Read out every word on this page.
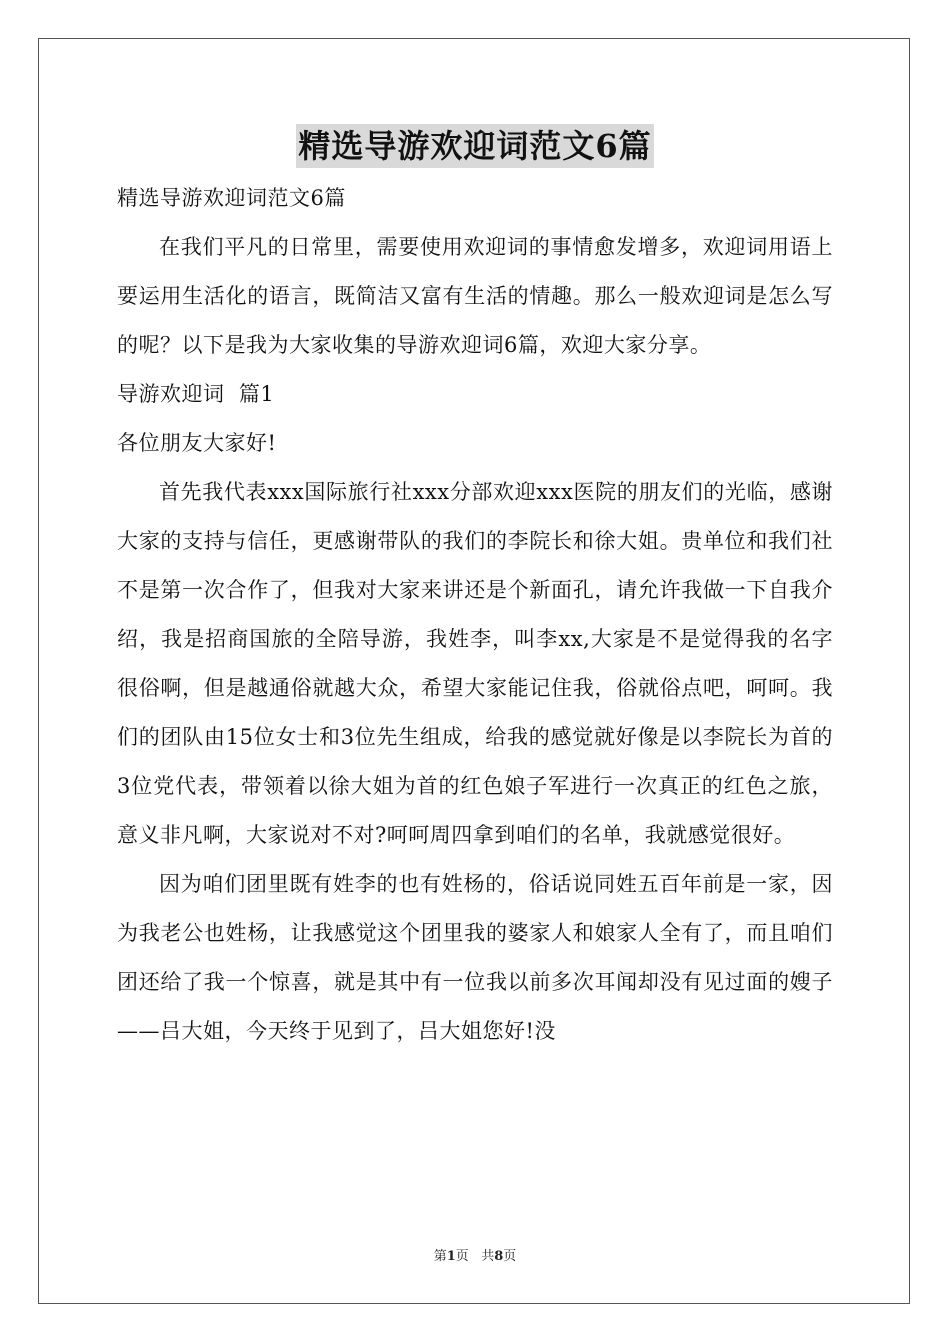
精选导游欢迎词范文6篇

精选导游欢迎词范文6篇

在我们平凡的日常里，需要使用欢迎词的事情愈发增多，欢迎词用语上要运用生活化的语言，既简洁又富有生活的情趣。那么一般欢迎词是怎么写的呢？以下是我为大家收集的导游欢迎词6篇，欢迎大家分享。

导游欢迎词  篇1

各位朋友大家好!

首先我代表xxx国际旅行社xxx分部欢迎xxx医院的朋友们的光临，感谢大家的支持与信任，更感谢带队的我们的李院长和徐大姐。贵单位和我们社不是第一次合作了，但我对大家来讲还是个新面孔，请允许我做一下自我介绍，我是招商国旅的全陪导游，我姓李，叫李xx,大家是不是觉得我的名字很俗啊，但是越通俗就越大众，希望大家能记住我，俗就俗点吧，呵呵。我们的团队由15位女士和3位先生组成，给我的感觉就好像是以李院长为首的3位党代表，带领着以徐大姐为首的红色娘子军进行一次真正的红色之旅，意义非凡啊，大家说对不对?呵呵周四拿到咱们的名单，我就感觉很好。

因为咱们团里既有姓李的也有姓杨的，俗话说同姓五百年前是一家，因为我老公也姓杨，让我感觉这个团里我的婆家人和娘家人全有了，而且咱们团还给了我一个惊喜，就是其中有一位我以前多次耳闻却没有见过面的嫂子——吕大姐，今天终于见到了，吕大姐您好!没

第1页 共8页
